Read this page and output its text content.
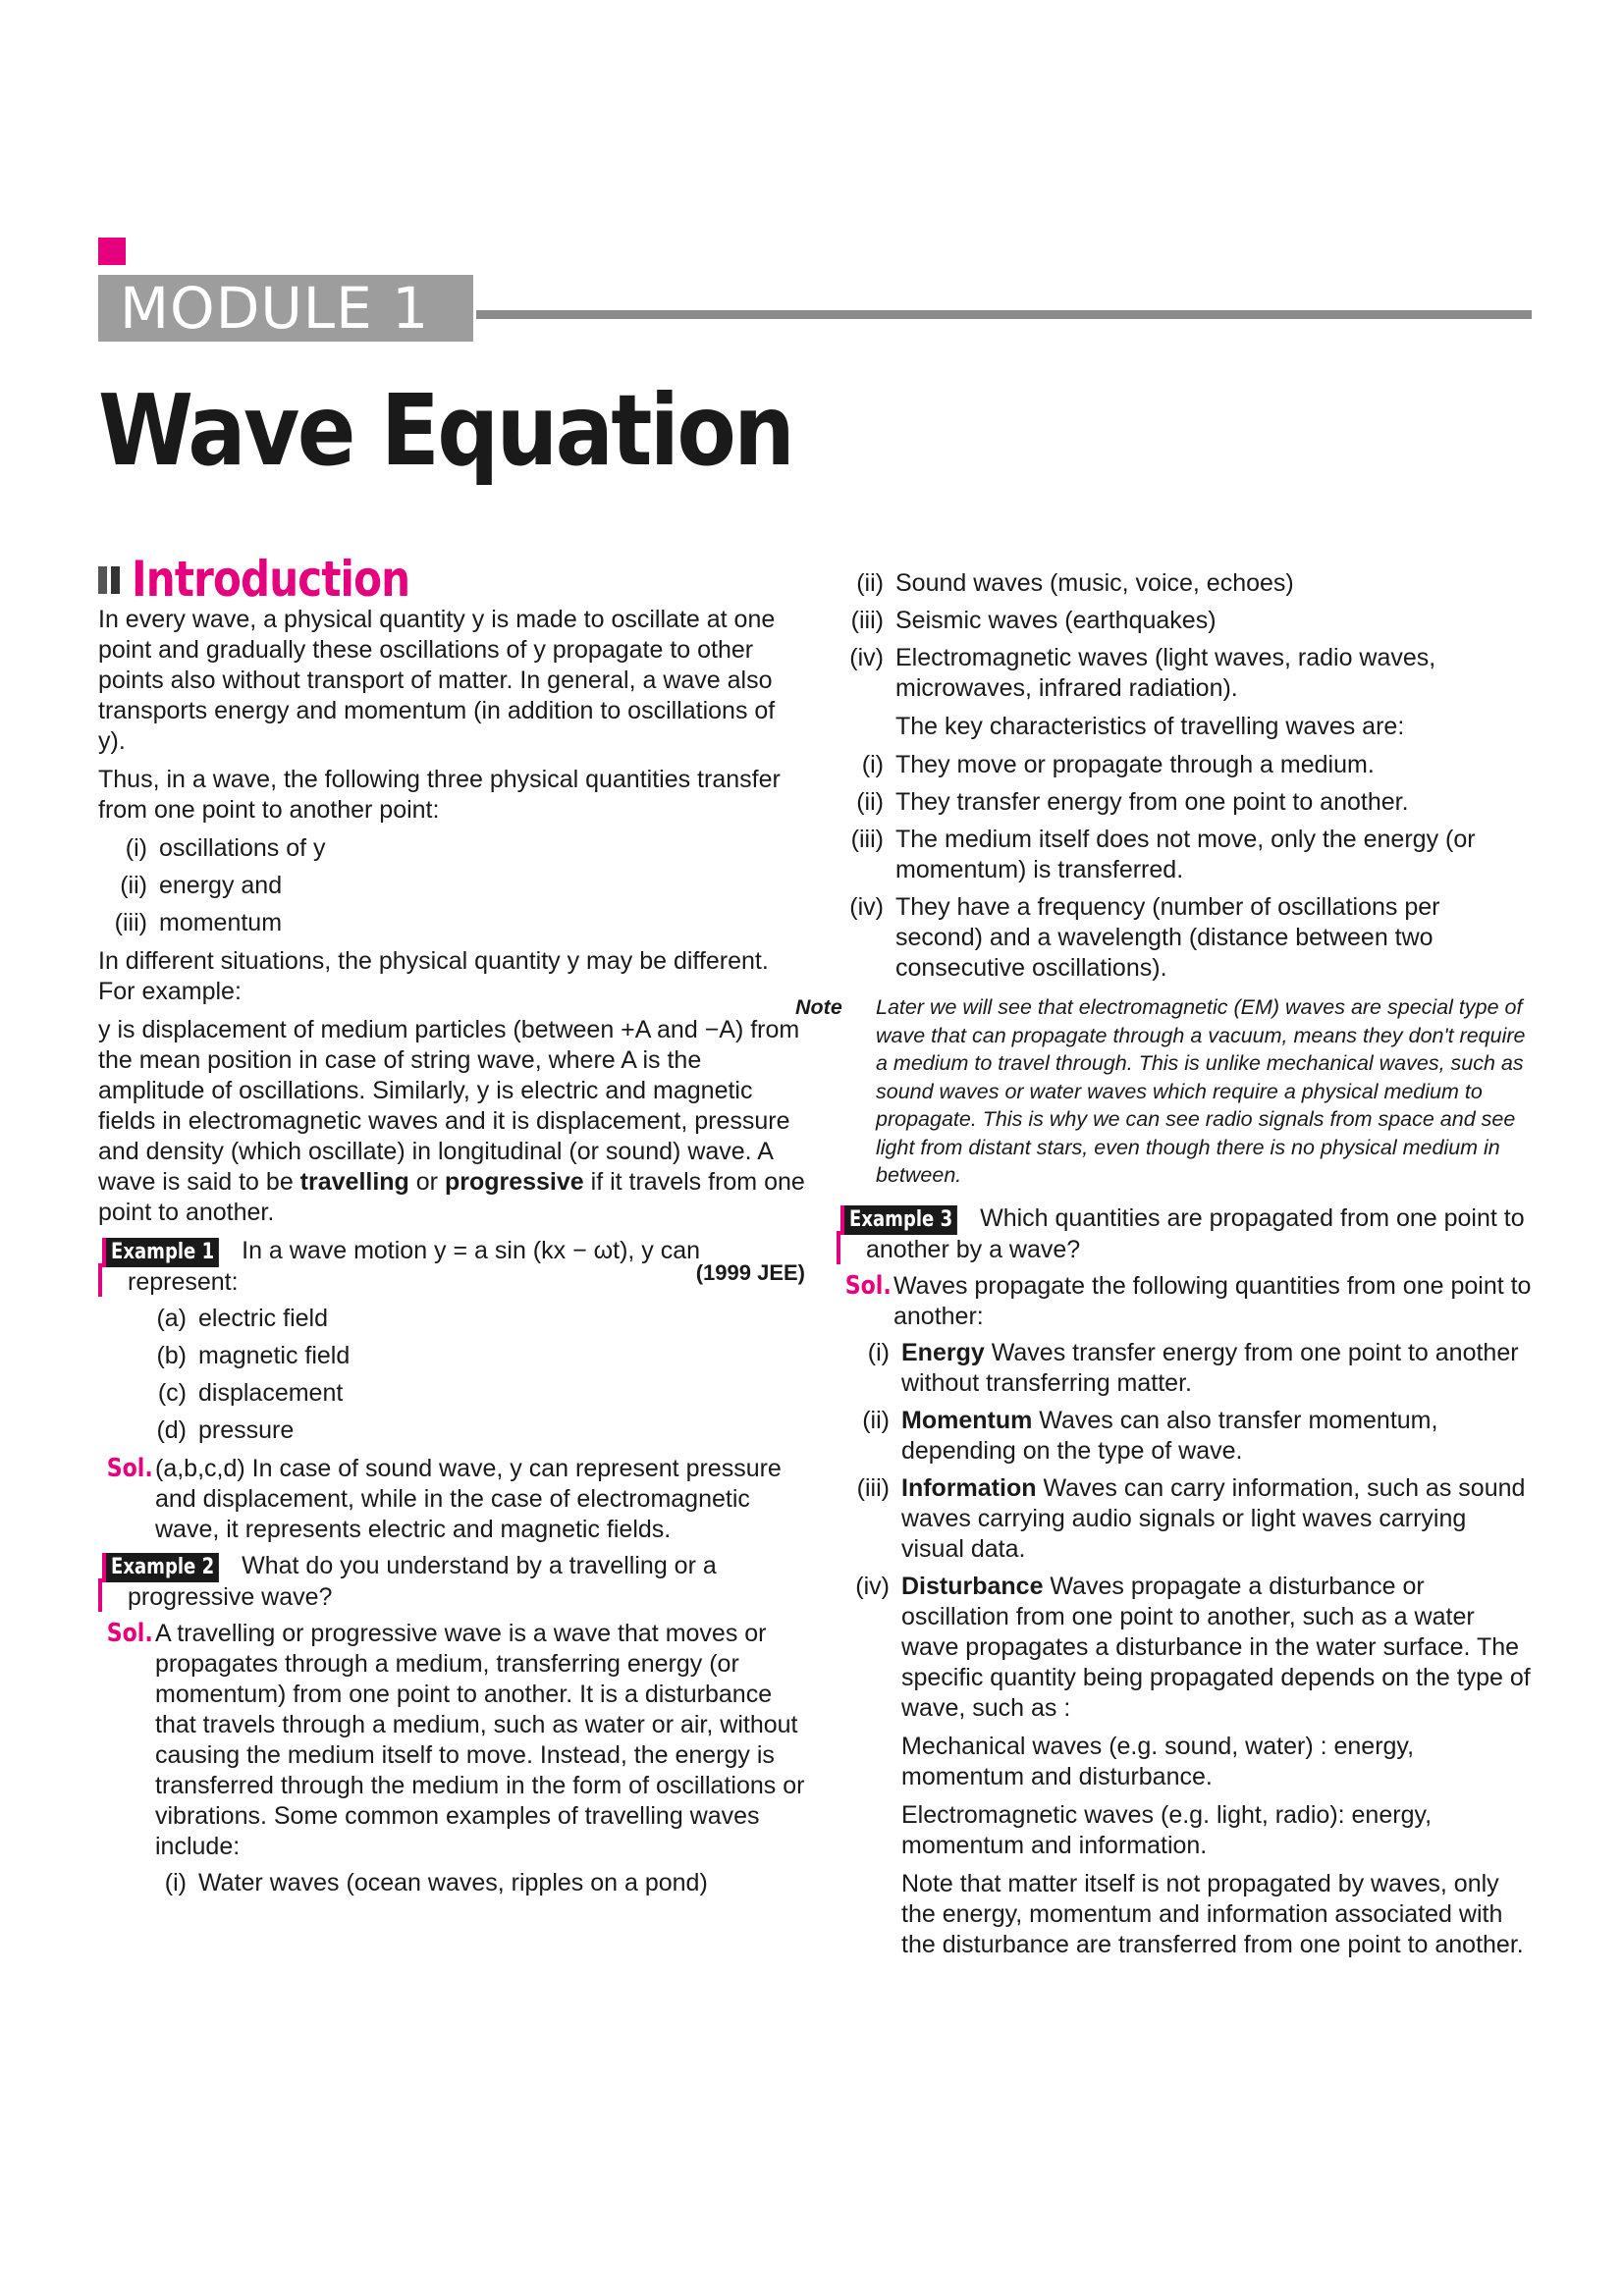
MODULE 1
Wave Equation
Introduction

In every wave, a physical quantity y is made to oscillate at one point and gradually these oscillations of y propagate to other points also without transport of matter. In general, a wave also transports energy and momentum (in addition to oscillations of y).

Thus, in a wave, the following three physical quantities transfer from one point to another point:

(i) oscillations of y
(ii) energy and
(iii) momentum

In different situations, the physical quantity y may be different. For example:

y is displacement of medium particles (between +A and −A) from the mean position in case of string wave, where A is the amplitude of oscillations. Similarly, y is electric and magnetic fields in electromagnetic waves and it is displacement, pressure and density (which oscillate) in longitudinal (or sound) wave. A wave is said to be travelling or progressive if it travels from one point to another.

Example 1 In a wave motion y = a sin (kx − ωt), y can represent:	(1999 JEE)
(a) electric field
(b) magnetic field
(c) displacement
(d) pressure
Sol. (a,b,c,d) In case of sound wave, y can represent pressure and displacement, while in the case of electromagnetic wave, it represents electric and magnetic fields.
Example 2 What do you understand by a travelling or a progressive wave?
Sol. A travelling or progressive wave is a wave that moves or propagates through a medium, transferring energy (or momentum) from one point to another. It is a disturbance that travels through a medium, such as water or air, without causing the medium itself to move. Instead, the energy is transferred through the medium in the form of oscillations or vibrations. Some common examples of travelling waves include:
(i) Water waves (ocean waves, ripples on a pond)
(ii) Sound waves (music, voice, echoes)
(iii) Seismic waves (earthquakes)
(iv) Electromagnetic waves (light waves, radio waves, microwaves, infrared radiation).

The key characteristics of travelling waves are:

(i) They move or propagate through a medium.
(ii) They transfer energy from one point to another.
(iii) The medium itself does not move, only the energy (or momentum) is transferred.
(iv) They have a frequency (number of oscillations per second) and a wavelength (distance between two consecutive oscillations).
Note	Later we will see that electromagnetic (EM) waves are special type of wave that can propagate through a vacuum, means they don't require a medium to travel through. This is unlike mechanical waves, such as sound waves or water waves which require a physical medium to propagate. This is why we can see radio signals from space and see light from distant stars, even though there is no physical medium in between.
Example 3 Which quantities are propagated from one point to another by a wave?
Sol. Waves propagate the following quantities from one point to another:
(i) Energy Waves transfer energy from one point to another without transferring matter.
(ii) Momentum Waves can also transfer momentum, depending on the type of wave.
(iii) Information Waves can carry information, such as sound waves carrying audio signals or light waves carrying visual data.
(iv) Disturbance Waves propagate a disturbance or oscillation from one point to another, such as a water wave propagates a disturbance in the water surface. The specific quantity being propagated depends on the type of wave, such as :

Mechanical waves (e.g. sound, water) : energy, momentum and disturbance.

Electromagnetic waves (e.g. light, radio): energy, momentum and information.

Note that matter itself is not propagated by waves, only the energy, momentum and information associated with the disturbance are transferred from one point to another.
